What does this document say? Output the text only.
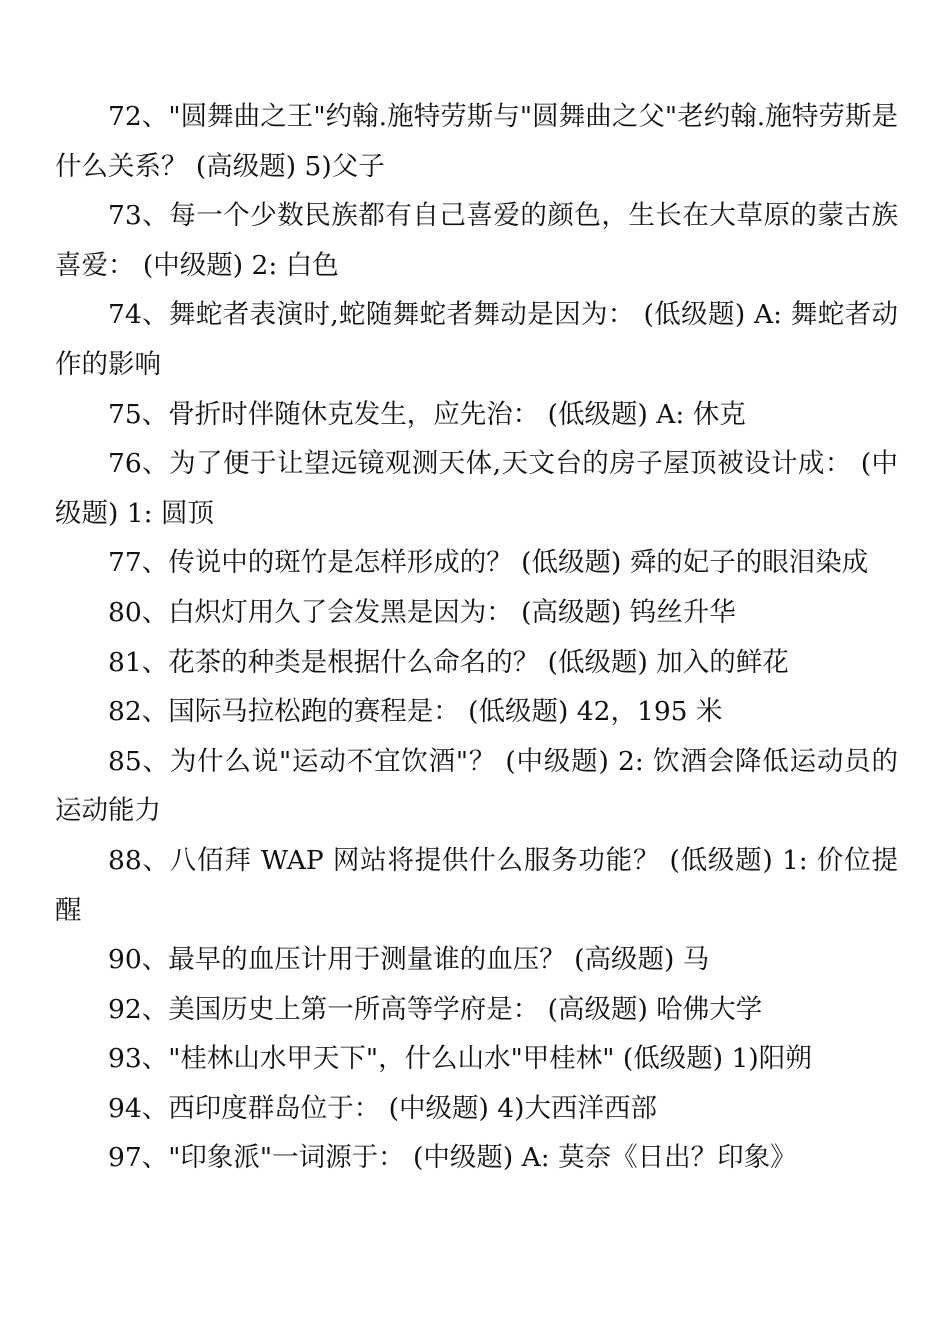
72、"圆舞曲之王"约翰.施特劳斯与"圆舞曲之父"老约翰.施特劳斯是什么关系？ (高级题) 5)父子

73、每一个少数民族都有自己喜爱的颜色，生长在大草原的蒙古族喜爱： (中级题) 2: 白色

74、舞蛇者表演时,蛇随舞蛇者舞动是因为： (低级题) A: 舞蛇者动作的影响

75、骨折时伴随休克发生，应先治： (低级题) A: 休克

76、为了便于让望远镜观测天体,天文台的房子屋顶被设计成： (中级题) 1: 圆顶

77、传说中的斑竹是怎样形成的？ (低级题) 舜的妃子的眼泪染成

80、白炽灯用久了会发黑是因为： (高级题) 钨丝升华

81、花茶的种类是根据什么命名的？ (低级题) 加入的鲜花

82、国际马拉松跑的赛程是： (低级题) 42，195 米

85、为什么说"运动不宜饮酒"？ (中级题) 2: 饮酒会降低运动员的运动能力

88、八佰拜 WAP 网站将提供什么服务功能？ (低级题) 1: 价位提醒

90、最早的血压计用于测量谁的血压？ (高级题) 马

92、美国历史上第一所高等学府是： (高级题) 哈佛大学

93、"桂林山水甲天下"，什么山水"甲桂林" (低级题) 1)阳朔

94、西印度群岛位于： (中级题) 4)大西洋西部

97、"印象派"一词源于： (中级题) A: 莫奈《日出？印象》
